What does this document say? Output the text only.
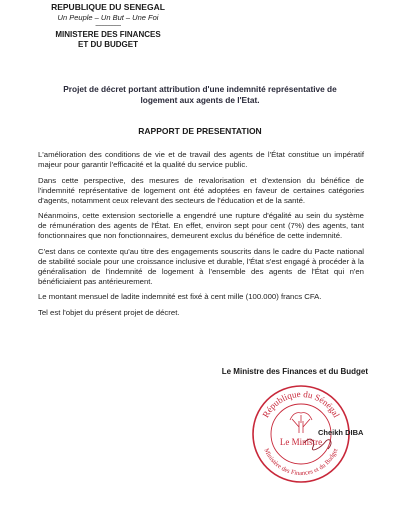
REPUBLIQUE DU SENEGAL
Un Peuple – Un But – Une Foi
-----------------
MINISTERE DES FINANCES
ET DU BUDGET
Projet de décret portant attribution d'une indemnité représentative de
logement aux agents de l'Etat.
RAPPORT DE PRESENTATION

L'amélioration des conditions de vie et de travail des agents de l'État constitue un impératif majeur pour garantir l'efficacité et la qualité du service public.

Dans cette perspective, des mesures de revalorisation et d'extension du bénéfice de l'indemnité représentative de logement ont été adoptées en faveur de certaines catégories d'agents, notamment ceux relevant des secteurs de l'éducation et de la santé.

Néanmoins, cette extension sectorielle a engendré une rupture d'égalité au sein du système de rémunération des agents de l'État. En effet, environ sept pour cent (7%) des agents, tant fonctionnaires que non fonctionnaires, demeurent exclus du bénéfice de cette indemnité.

C'est dans ce contexte qu'au titre des engagements souscrits dans le cadre du Pacte national de stabilité sociale pour une croissance inclusive et durable, l'État s'est engagé à procéder à la généralisation de l'indemnité de logement à l'ensemble des agents de l'État qui n'en bénéficiaient pas antérieurement.

Le montant mensuel de ladite indemnité est fixé à cent mille (100.000) francs CFA.

Tel est l'objet du présent projet de décret.

Le Ministre des Finances et du Budget
République du Sénégal
Ministère des Finances et du Budget
Le Ministre
Cheikh DIBA
